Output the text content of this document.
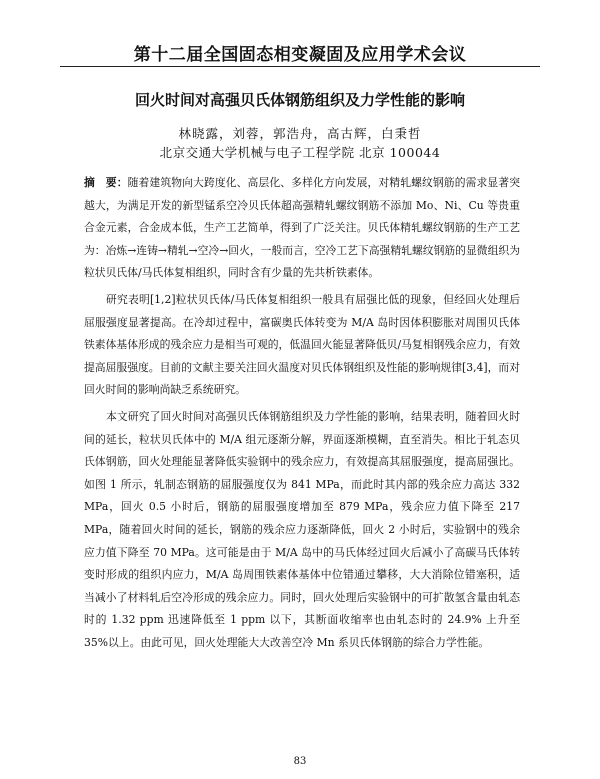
第十二届全国固态相变凝固及应用学术会议
回火时间对高强贝氏体钢筋组织及力学性能的影响
林晓露，刘蓉，郭浩舟，高古辉，白秉哲
北京交通大学机械与电子工程学院 北京 100044

摘　要：随着建筑物向大跨度化、高层化、多样化方向发展，对精轧螺纹钢筋的需求显著突越大，为满足开发的新型锰系空冷贝氏体超高强精轧螺纹钢筋不添加 Mo、Ni、Cu 等贵重合金元素，合金成本低，生产工艺简单，得到了广泛关注。贝氏体精轧螺纹钢筋的生产工艺为：冶炼→连铸→精轧→空冷→回火，一般而言，空冷工艺下高强精轧螺纹钢筋的显微组织为粒状贝氏体/马氏体复相组织，同时含有少量的先共析铁素体。

研究表明[1,2]粒状贝氏体/马氏体复相组织一般具有屈强比低的现象，但经回火处理后屈服强度显著提高。在冷却过程中，富碳奥氏体转变为 M/A 岛时因体积膨胀对周围贝氏体铁素体基体形成的残余应力是相当可观的，低温回火能显著降低贝/马复相钢残余应力，有效提高屈服强度。目前的文献主要关注回火温度对贝氏体钢组织及性能的影响规律[3,4]，而对回火时间的影响尚缺乏系统研究。

本文研究了回火时间对高强贝氏体钢筋组织及力学性能的影响，结果表明，随着回火时间的延长，粒状贝氏体中的 M/A 组元逐渐分解，界面逐渐模糊，直至消失。相比于轧态贝氏体钢筋，回火处理能显著降低实验钢中的残余应力，有效提高其屈服强度，提高屈强比。如图 1 所示，轧制态钢筋的屈服强度仅为 841 MPa，而此时其内部的残余应力高达 332 MPa，回火 0.5 小时后，钢筋的屈服强度增加至 879 MPa，残余应力值下降至 217 MPa，随着回火时间的延长，钢筋的残余应力逐渐降低，回火 2 小时后，实验钢中的残余应力值下降至 70 MPa。这可能是由于 M/A 岛中的马氏体经过回火后减小了高碳马氏体转变时形成的组织内应力，M/A 岛周围铁素体基体中位错通过攀移，大大消除位错塞积，适当减小了材料轧后空冷形成的残余应力。同时，回火处理后实验钢中的可扩散氢含量由轧态时的 1.32 ppm 迅速降低至 1 ppm 以下，其断面收缩率也由轧态时的 24.9% 上升至 35%以上。由此可见，回火处理能大大改善空冷 Mn 系贝氏体钢筋的综合力学性能。

83
